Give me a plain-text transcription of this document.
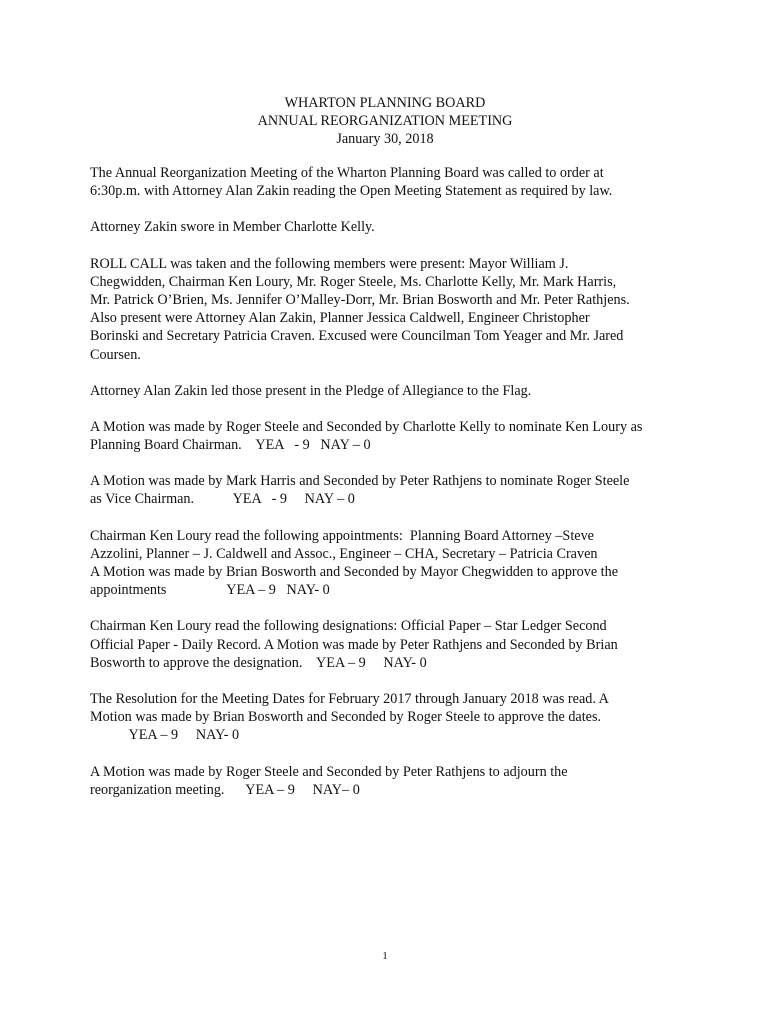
WHARTON PLANNING BOARD
ANNUAL REORGANIZATION MEETING
January 30, 2018
The Annual Reorganization Meeting of the Wharton Planning Board was called to order at
6:30p.m. with Attorney Alan Zakin reading the Open Meeting Statement as required by law.
Attorney Zakin swore in Member Charlotte Kelly.
ROLL CALL was taken and the following members were present: Mayor William J.
Chegwidden, Chairman Ken Loury, Mr. Roger Steele, Ms. Charlotte Kelly, Mr. Mark Harris,
Mr. Patrick O’Brien, Ms. Jennifer O’Malley-Dorr, Mr. Brian Bosworth and Mr. Peter Rathjens.
Also present were Attorney Alan Zakin, Planner Jessica Caldwell, Engineer Christopher
Borinski and Secretary Patricia Craven. Excused were Councilman Tom Yeager and Mr. Jared
Coursen.
Attorney Alan Zakin led those present in the Pledge of Allegiance to the Flag.
A Motion was made by Roger Steele and Seconded by Charlotte Kelly to nominate Ken Loury as
Planning Board Chairman.    YEA   - 9   NAY – 0
A Motion was made by Mark Harris and Seconded by Peter Rathjens to nominate Roger Steele
as Vice Chairman.           YEA   - 9     NAY – 0
Chairman Ken Loury read the following appointments:  Planning Board Attorney –Steve
Azzolini, Planner – J. Caldwell and Assoc., Engineer – CHA, Secretary – Patricia Craven
A Motion was made by Brian Bosworth and Seconded by Mayor Chegwidden to approve the
appointments                 YEA – 9   NAY- 0
Chairman Ken Loury read the following designations: Official Paper – Star Ledger Second
Official Paper - Daily Record. A Motion was made by Peter Rathjens and Seconded by Brian
Bosworth to approve the designation.    YEA – 9     NAY- 0
The Resolution for the Meeting Dates for February 2017 through January 2018 was read. A
Motion was made by Brian Bosworth and Seconded by Roger Steele to approve the dates.
YEA – 9     NAY- 0
A Motion was made by Roger Steele and Seconded by Peter Rathjens to adjourn the
reorganization meeting.      YEA – 9     NAY– 0
1
